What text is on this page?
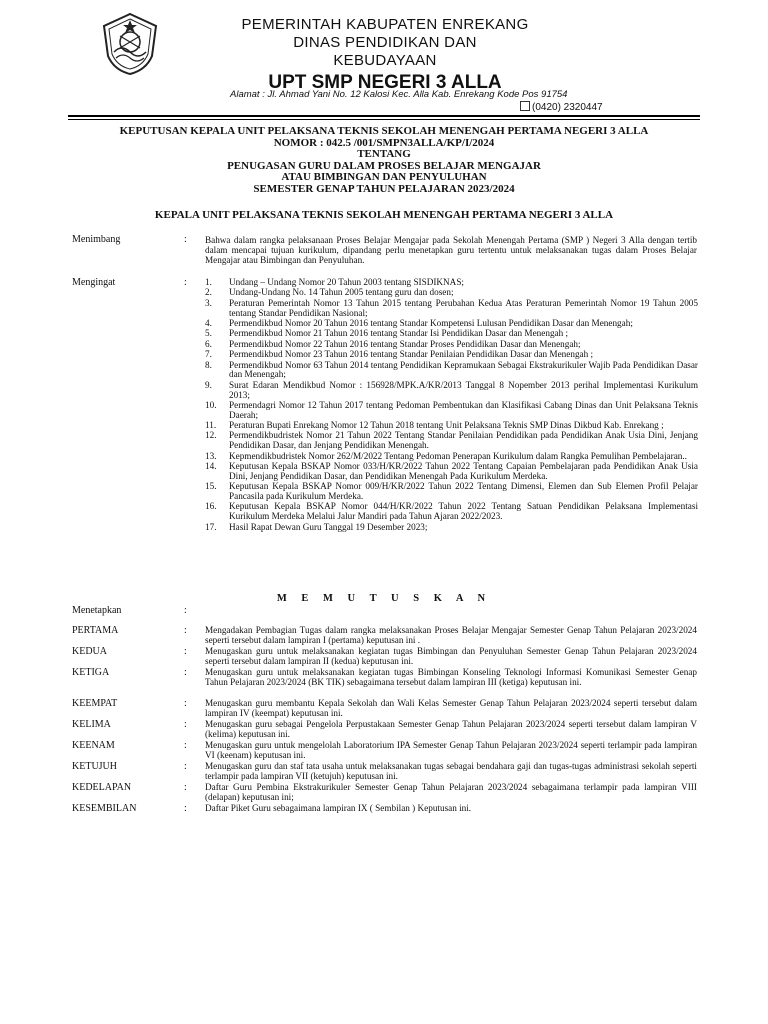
PEMERINTAH KABUPATEN ENREKANG
DINAS PENDIDIKAN DAN
KEBUDAYAAN
UPT SMP NEGERI 3 ALLA
Alamat : Jl. Ahmad Yani No. 12 Kalosi Kec. Alla Kab. Enrekang Kode Pos 91754
(0420) 2320447
KEPUTUSAN KEPALA UNIT PELAKSANA TEKNIS SEKOLAH MENENGAH PERTAMA NEGERI 3 ALLA
NOMOR : 042.5 /001/SMPN3ALLA/KP/I/2024
TENTANG
PENUGASAN GURU DALAM PROSES BELAJAR MENGAJAR
ATAU BIMBINGAN DAN PENYULUHAN
SEMESTER GENAP TAHUN PELAJARAN 2023/2024
KEPALA UNIT PELAKSANA TEKNIS SEKOLAH MENENGAH PERTAMA NEGERI 3 ALLA
Menimbang	: Bahwa dalam rangka pelaksanaan Proses Belajar Mengajar pada Sekolah Menengah Pertama (SMP ) Negeri 3 Alla dengan tertib dalam mencapai tujuan kurikulum, dipandang perlu menetapkan guru tertentu untuk melaksanakan tugas dalam Proses Belajar Mengajar atau Bimbingan dan Penyuluhan.
Mengingat	: 1.	Undang – Undang Nomor 20 Tahun 2003 tentang SISDIKNAS;
2.	Undang-Undang No. 14 Tahun 2005 tentang guru dan dosen;
3.	Peraturan Pemerintah Nomor 13 Tahun 2015 tentang Perubahan Kedua Atas Peraturan Pemerintah Nomor 19 Tahun 2005 tentang Standar Pendidikan Nasional;
4.	Permendikbud Nomor 20 Tahun 2016 tentang Standar Kompetensi Lulusan Pendidikan Dasar dan Menengah;
5.	Permendikbud Nomor 21 Tahun 2016 tentang Standar Isi Pendidikan Dasar dan Menengah ;
6.	Permendikbud Nomor 22 Tahun 2016 tentang Standar Proses Pendidikan Dasar dan Menengah;
7.	Permendikbud Nomor 23 Tahun 2016 tentang Standar Penilaian Pendidikan Dasar dan Menengah ;
8.	Permendikbud Nomor 63 Tahun 2014 tentang Pendidikan Kepramukaan Sebagai Ekstrakurikuler Wajib Pada Pendidikan Dasar dan Menengah;
9.	Surat Edaran Mendikbud Nomor : 156928/MPK.A/KR/2013 Tanggal 8 Nopember 2013 perihal Implementasi Kurikulum 2013;
10.	Permendagri Nomor 12 Tahun 2017 tentang Pedoman Pembentukan dan Klasifikasi Cabang Dinas dan Unit Pelaksana Teknis Daerah;
11.	Peraturan Bupati Enrekang Nomor 12 Tahun 2018 tentang Unit Pelaksana Teknis SMP Dinas Dikbud Kab. Enrekang ;
12.	Permendikbudristek Nomor 21 Tahun 2022 Tentang Standar Penilaian Pendidikan pada Pendidikan Anak Usia Dini, Jenjang Pendidikan Dasar, dan Jenjang Pendidikan Menengah.
13.	Kepmendikbudristek Nomor 262/M/2022 Tentang Pedoman Penerapan Kurikulum dalam Rangka Pemulihan Pembelajaran..
14.	Keputusan Kepala BSKAP Nomor 033/H/KR/2022 Tahun 2022 Tentang Capaian Pembelajaran pada Pendidikan Anak Usia Dini, Jenjang Pendidikan Dasar, dan Pendidikan Menengah Pada Kurikulum Merdeka.
15.	Keputusan Kepala BSKAP Nomor 009/H/KR/2022 Tahun 2022 Tentang Dimensi, Elemen dan Sub Elemen Profil Pelajar Pancasila pada Kurikulum Merdeka.
16.	Keputusan Kepala BSKAP Nomor 044/H/KR/2022 Tahun 2022 Tentang Satuan Pendidikan Pelaksana Implementasi Kurikulum Merdeka Melalui Jalur Mandiri pada Tahun Ajaran 2022/2023.
17.	Hasil Rapat Dewan Guru Tanggal 19 Desember 2023;
M E M U T U S K A N
Menetapkan	:
PERTAMA	: Mengadakan Pembagian Tugas dalam rangka melaksanakan Proses Belajar Mengajar Semester Genap Tahun Pelajaran 2023/2024 seperti tersebut dalam lampiran I (pertama) keputusan ini .
KEDUA	: Menugaskan guru untuk melaksanakan kegiatan tugas Bimbingan dan Penyuluhan Semester Genap Tahun Pelajaran 2023/2024 seperti tersebut dalam lampiran II (kedua) keputusan ini.
KETIGA	: Menugaskan guru untuk melaksanakan kegiatan tugas Bimbingan Konseling Teknologi Informasi Komunikasi Semester Genap Tahun Pelajaran 2023/2024 (BK TIK) sebagaimana tersebut dalam lampiran III (ketiga) keputusan ini.
KEEMPAT	: Menugaskan guru membantu Kepala Sekolah dan Wali Kelas Semester Genap Tahun Pelajaran 2023/2024 seperti tersebut dalam lampiran IV (keempat) keputusan ini.
KELIMA	: Menugaskan guru sebagai Pengelola Perpustakaan Semester Genap Tahun Pelajaran 2023/2024 seperti tersebut dalam lampiran V (kelima) keputusan ini.
KEENAM	: Menugaskan guru untuk mengelolah Laboratorium IPA Semester Genap Tahun Pelajaran 2023/2024 seperti terlampir pada lampiran VI (keenam) keputusan ini.
KETUJUH	: Menugaskan guru dan staf tata usaha untuk melaksanakan tugas sebagai bendahara gaji dan tugas-tugas administrasi sekolah seperti terlampir pada lampiran VII (ketujuh) keputusan ini.
KEDELAPAN	: Daftar Guru Pembina Ekstrakurikuler Semester Genap Tahun Pelajaran 2023/2024 sebagaimana terlampir pada lampiran VIII (delapan) keputusan ini;
KESEMBILAN	: Daftar Piket Guru sebagaimana lampiran IX ( Sembilan ) Keputusan ini.
